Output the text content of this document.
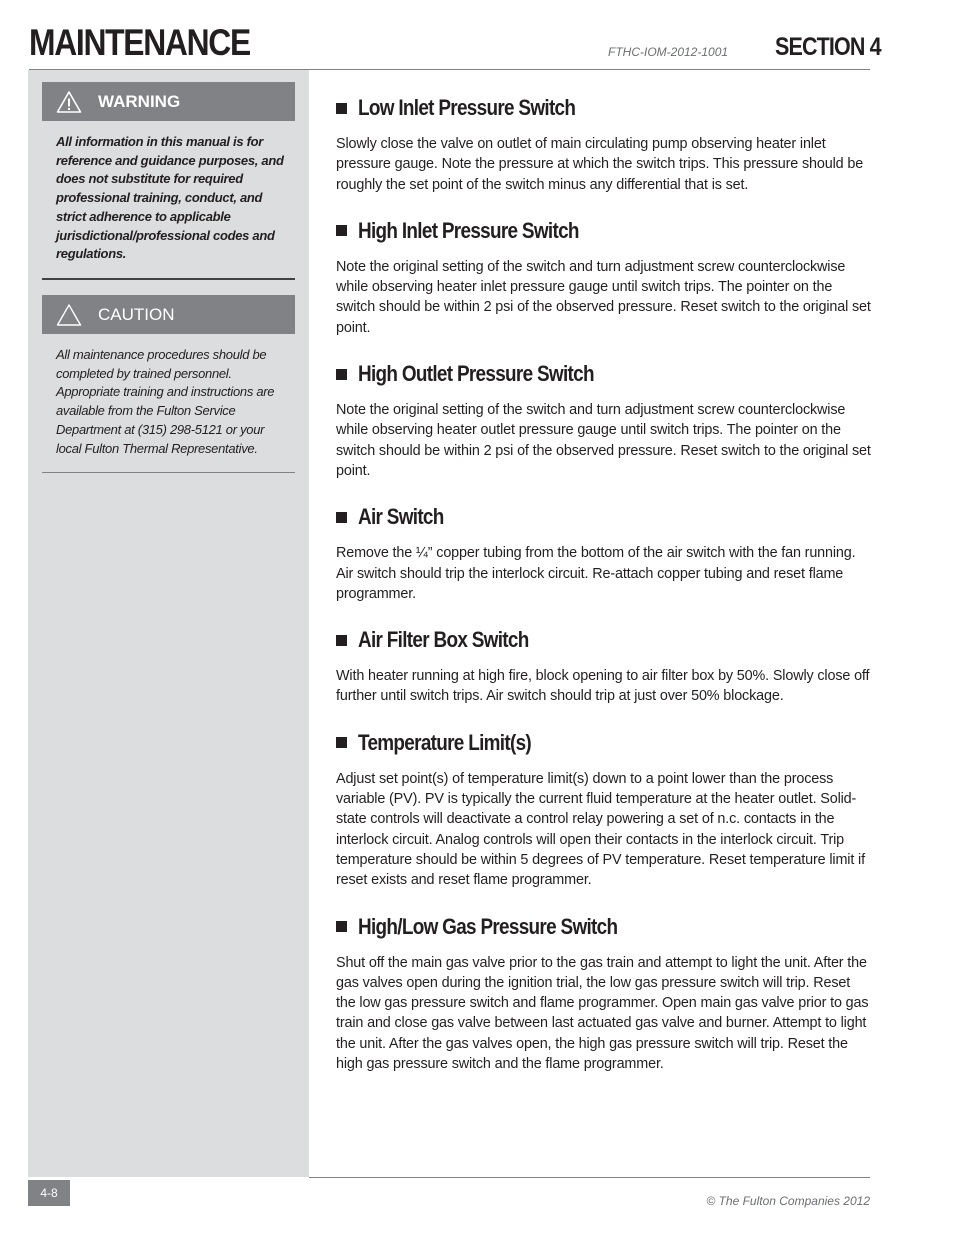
MAINTENANCE	FTHC-IOM-2012-1001 SECTION 4
WARNING
All information in this manual is for reference and guidance purposes, and does not substitute for required professional training, conduct, and strict adherence to applicable jurisdictional/professional codes and regulations.
CAUTION
All maintenance procedures should be completed by trained personnel. Appropriate training and instructions are available from the Fulton Service Department at (315) 298-5121 or your local Fulton Thermal Representative.
Low Inlet Pressure Switch

Slowly close the valve on outlet of main circulating pump observing heater inlet pressure gauge. Note the pressure at which the switch trips. This pressure should be roughly the set point of the switch minus any differential that is set.

High Inlet Pressure Switch

Note the original setting of the switch and turn adjustment screw counterclockwise while observing heater inlet pressure gauge until switch trips. The pointer on the switch should be within 2 psi of the observed pressure. Reset switch to the original set point.

High Outlet Pressure Switch

Note the original setting of the switch and turn adjustment screw counterclockwise while observing heater outlet pressure gauge until switch trips. The pointer on the switch should be within 2 psi of the observed pressure. Reset switch to the original set point.

Air Switch

Remove the ¼” copper tubing from the bottom of the air switch with the fan running. Air switch should trip the interlock circuit. Re-attach copper tubing and reset flame programmer.

Air Filter Box Switch

With heater running at high fire, block opening to air filter box by 50%. Slowly close off further until switch trips. Air switch should trip at just over 50% blockage.

Temperature Limit(s)

Adjust set point(s) of temperature limit(s) down to a point lower than the process variable (PV). PV is typically the current fluid temperature at the heater outlet. Solid-state controls will deactivate a control relay powering a set of n.c. contacts in the interlock circuit. Analog controls will open their contacts in the interlock circuit. Trip temperature should be within 5 degrees of PV temperature. Reset temperature limit if reset exists and reset flame programmer.

High/Low Gas Pressure Switch

Shut off the main gas valve prior to the gas train and attempt to light the unit. After the gas valves open during the ignition trial, the low gas pressure switch will trip. Reset the low gas pressure switch and flame programmer. Open main gas valve prior to gas train and close gas valve between last actuated gas valve and burner. Attempt to light the unit. After the gas valves open, the high gas pressure switch will trip. Reset the high gas pressure switch and the flame programmer.

4-8
© The Fulton Companies 2012
